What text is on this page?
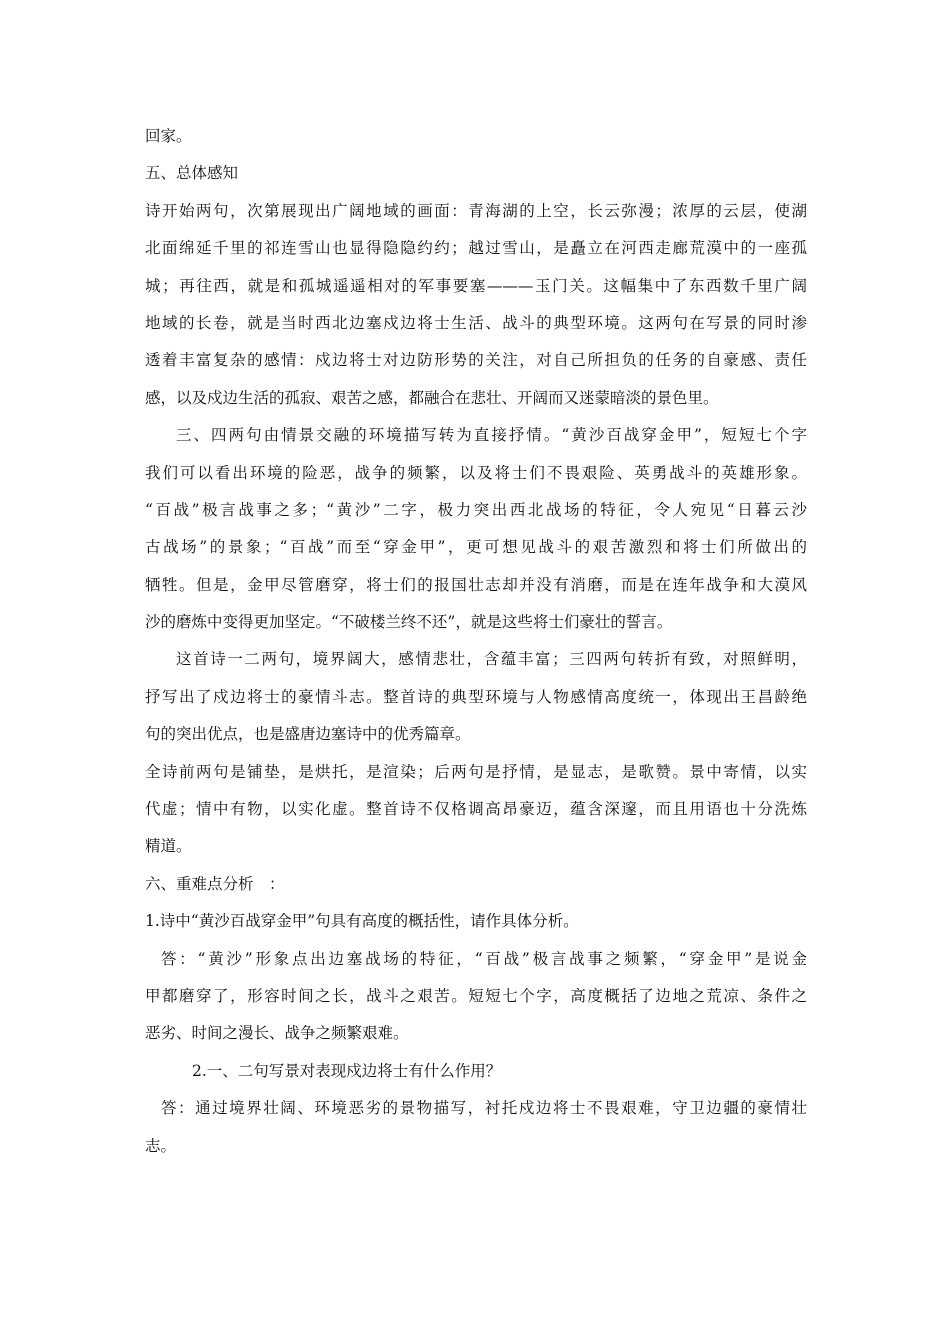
回家。
五、总体感知
诗开始两句，次第展现出广阔地域的画面：青海湖的上空，长云弥漫；浓厚的云层，使湖
北面绵延千里的祁连雪山也显得隐隐约约；越过雪山，是矗立在河西走廊荒漠中的一座孤
城；再往西，就是和孤城遥遥相对的军事要塞———玉门关。这幅集中了东西数千里广阔
地域的长卷，就是当时西北边塞戍边将士生活、战斗的典型环境。这两句在写景的同时渗
透着丰富复杂的感情：戍边将士对边防形势的关注，对自己所担负的任务的自豪感、责任
感，以及戍边生活的孤寂、艰苦之感，都融合在悲壮、开阔而又迷蒙暗淡的景色里。
三、四两句由情景交融的环境描写转为直接抒情。“黄沙百战穿金甲”，短短七个字
我们可以看出环境的险恶，战争的频繁，以及将士们不畏艰险、英勇战斗的英雄形象。
“百战”极言战事之多；“黄沙”二字，极力突出西北战场的特征，令人宛见“日暮云沙
古战场”的景象；“百战”而至“穿金甲”，更可想见战斗的艰苦激烈和将士们所做出的
牺牲。但是，金甲尽管磨穿，将士们的报国壮志却并没有消磨，而是在连年战争和大漠风
沙的磨炼中变得更加坚定。“不破楼兰终不还”，就是这些将士们豪壮的誓言。
这首诗一二两句，境界阔大，感情悲壮，含蕴丰富；三四两句转折有致，对照鲜明，
抒写出了戍边将士的豪情斗志。整首诗的典型环境与人物感情高度统一，体现出王昌龄绝
句的突出优点，也是盛唐边塞诗中的优秀篇章。
全诗前两句是铺垫，是烘托，是渲染；后两句是抒情，是显志，是歌赞。景中寄情，以实
代虚；情中有物，以实化虚。整首诗不仅格调高昂豪迈，蕴含深邃，而且用语也十分洗炼
精道。
六、重难点分析　：
1.诗中“黄沙百战穿金甲”句具有高度的概括性，请作具体分析。
答：“黄沙”形象点出边塞战场的特征，“百战”极言战事之频繁，“穿金甲”是说金
甲都磨穿了，形容时间之长，战斗之艰苦。短短七个字，高度概括了边地之荒凉、条件之
恶劣、时间之漫长、战争之频繁艰难。
2.一、二句写景对表现戍边将士有什么作用？
答：通过境界壮阔、环境恶劣的景物描写，衬托戍边将士不畏艰难，守卫边疆的豪情壮
志。
